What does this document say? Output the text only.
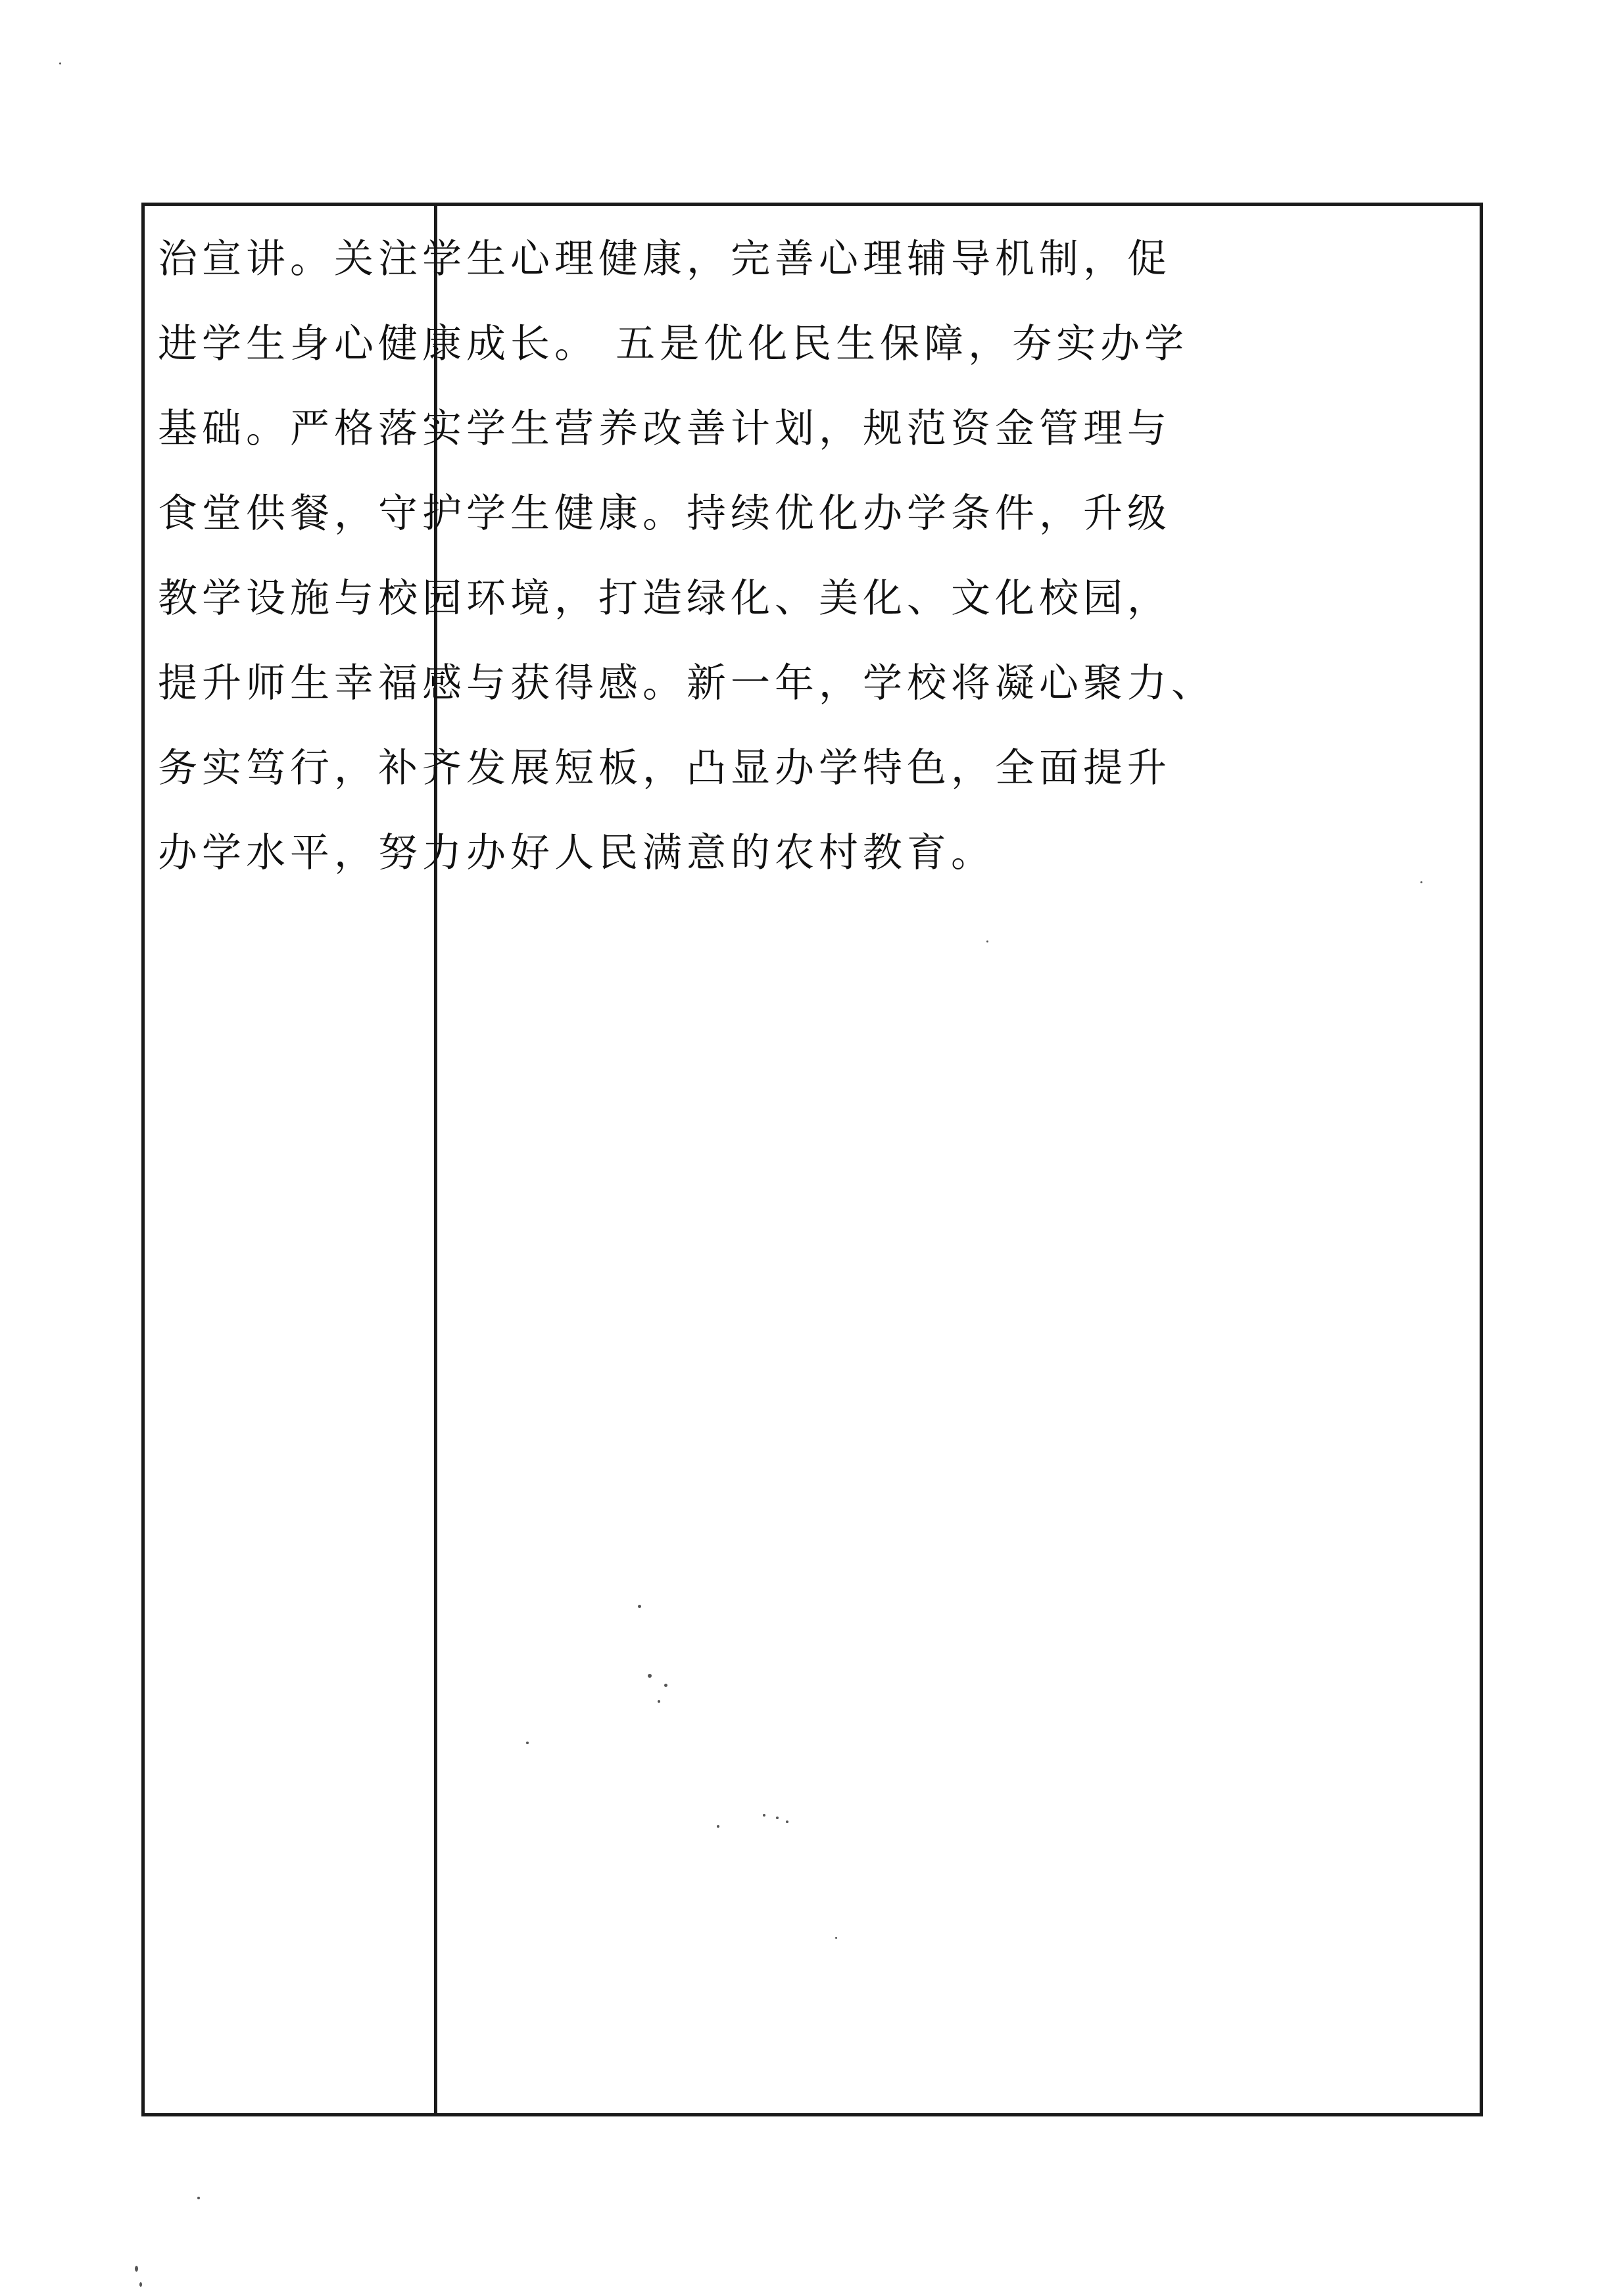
治宣讲。关注学生心理健康，完善心理辅导机制，促
进学生身心健康成长。 五是优化民生保障，夯实办学
基础。严格落实学生营养改善计划，规范资金管理与
食堂供餐，守护学生健康。持续优化办学条件，升级
教学设施与校园环境，打造绿化、美化、文化校园，
提升师生幸福感与获得感。新一年，学校将凝心聚力、
务实笃行，补齐发展短板，凸显办学特色，全面提升
办学水平，努力办好人民满意的农村教育。
